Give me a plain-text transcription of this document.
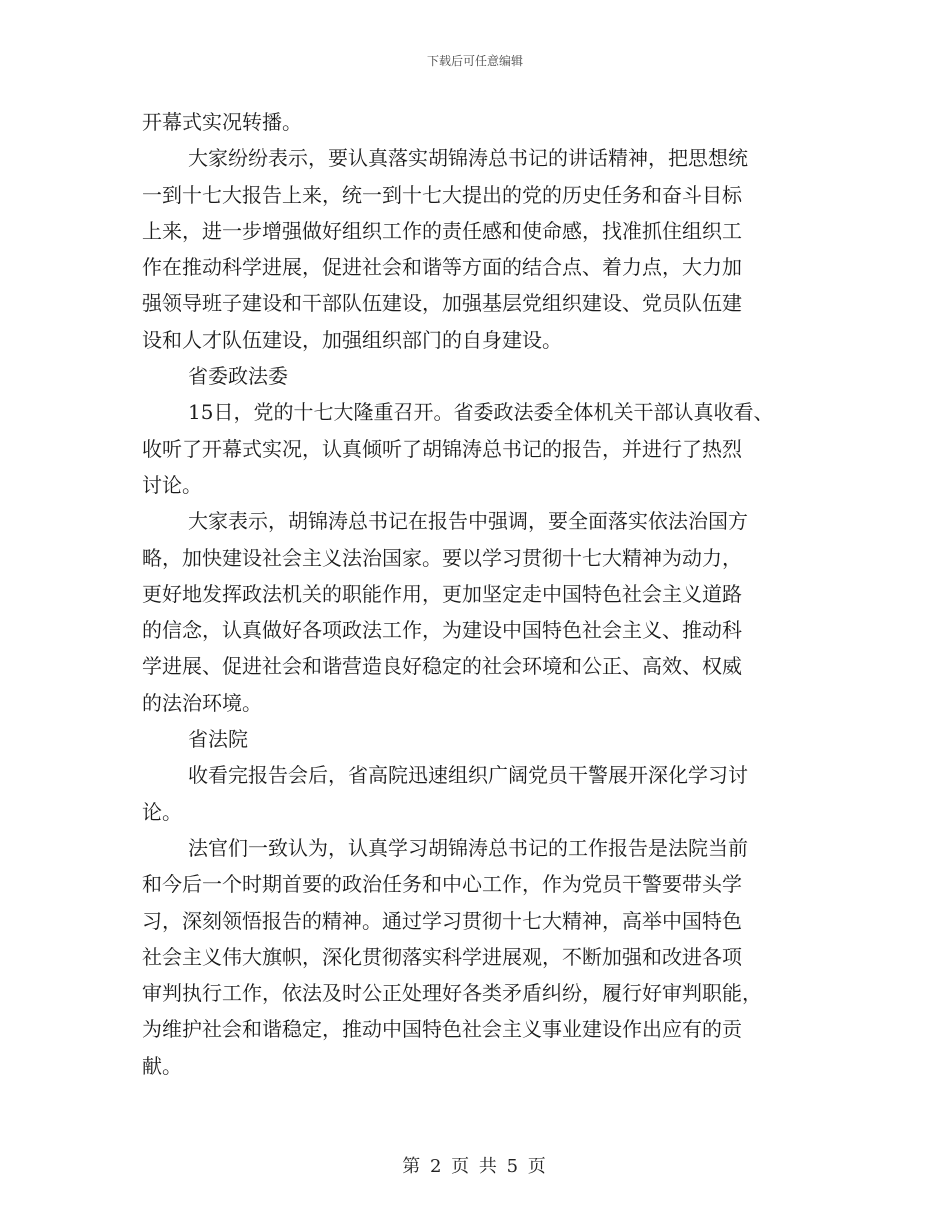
下载后可任意编辑
开幕式实况转播。
大家纷纷表示，要认真落实胡锦涛总书记的讲话精神，把思想统
一到十七大报告上来，统一到十七大提出的党的历史任务和奋斗目标
上来，进一步增强做好组织工作的责任感和使命感，找准抓住组织工
作在推动科学进展，促进社会和谐等方面的结合点、着力点，大力加
强领导班子建设和干部队伍建设，加强基层党组织建设、党员队伍建
设和人才队伍建设，加强组织部门的自身建设。
省委政法委
15日，党的十七大隆重召开。省委政法委全体机关干部认真收看、
收听了开幕式实况，认真倾听了胡锦涛总书记的报告，并进行了热烈
讨论。
大家表示，胡锦涛总书记在报告中强调，要全面落实依法治国方
略，加快建设社会主义法治国家。要以学习贯彻十七大精神为动力，
更好地发挥政法机关的职能作用，更加坚定走中国特色社会主义道路
的信念，认真做好各项政法工作，为建设中国特色社会主义、推动科
学进展、促进社会和谐营造良好稳定的社会环境和公正、高效、权威
的法治环境。
省法院
收看完报告会后，省高院迅速组织广阔党员干警展开深化学习讨
论。
法官们一致认为，认真学习胡锦涛总书记的工作报告是法院当前
和今后一个时期首要的政治任务和中心工作，作为党员干警要带头学
习，深刻领悟报告的精神。通过学习贯彻十七大精神，高举中国特色
社会主义伟大旗帜，深化贯彻落实科学进展观，不断加强和改进各项
审判执行工作，依法及时公正处理好各类矛盾纠纷，履行好审判职能，
为维护社会和谐稳定，推动中国特色社会主义事业建设作出应有的贡
献。
第 2 页 共 5 页
